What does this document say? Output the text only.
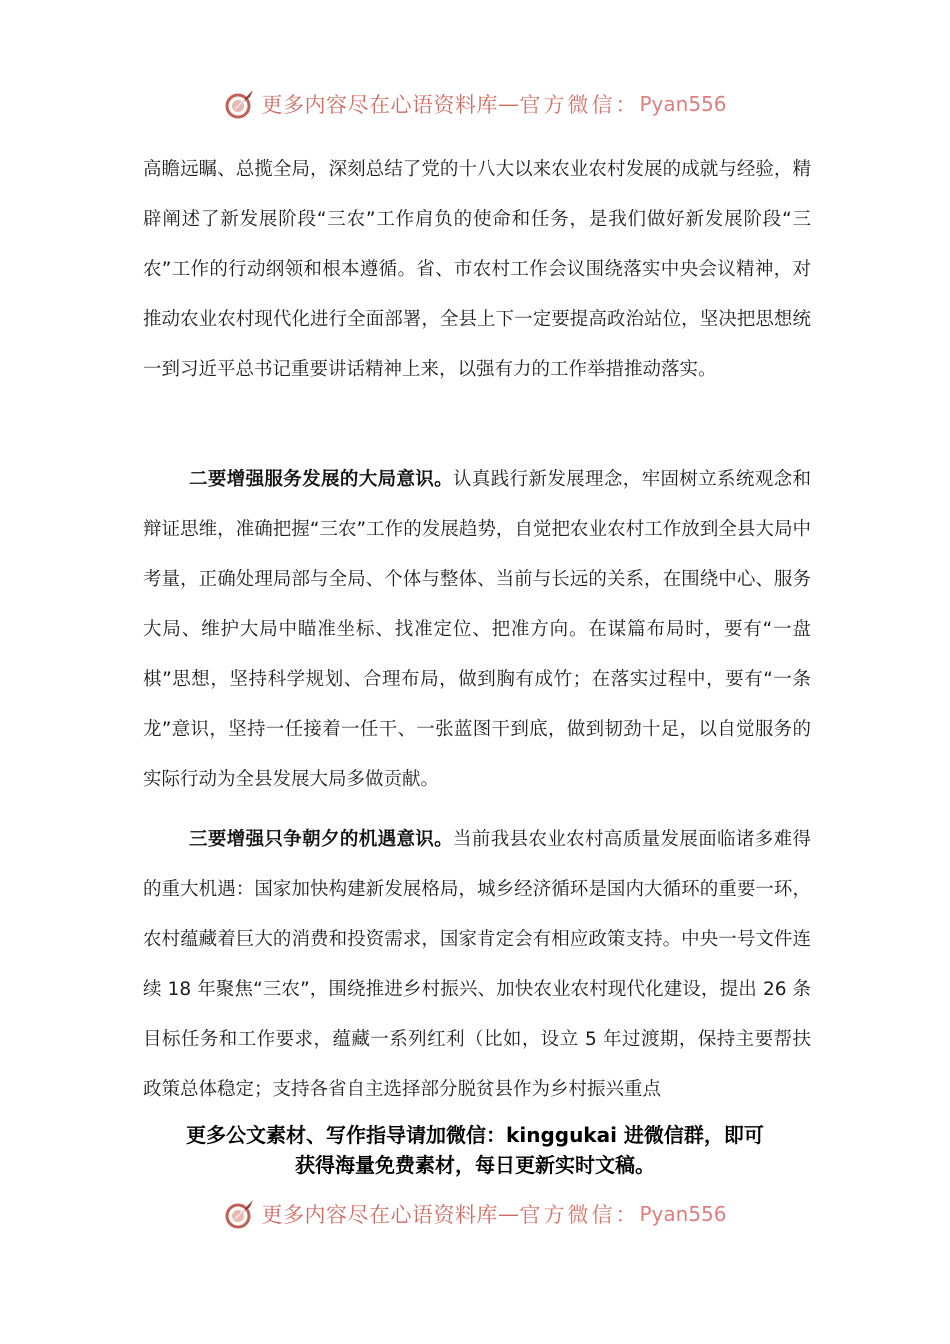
更多内容尽在心语资料库 — 官方微信： Pyan556

高瞻远瞩、总揽全局，深刻总结了党的十八大以来农业农村发展的成就与经验，精辟阐述了新发展阶段“三农”工作肩负的使命和任务，是我们做好新发展阶段“三农”工作的行动纲领和根本遵循。省、市农村工作会议围绕落实中央会议精神，对推动农业农村现代化进行全面部署，全县上下一定要提高政治站位，坚决把思想统一到习近平总书记重要讲话精神上来，以强有力的工作举措推动落实。

二要增强服务发展的大局意识。认真践行新发展理念，牢固树立系统观念和辩证思维，准确把握“三农”工作的发展趋势，自觉把农业农村工作放到全县大局中考量，正确处理局部与全局、个体与整体、当前与长远的关系，在围绕中心、服务大局、维护大局中瞄准坐标、找准定位、把准方向。在谋篇布局时，要有“一盘棋”思想，坚持科学规划、合理布局，做到胸有成竹；在落实过程中，要有“一条龙”意识，坚持一任接着一任干、一张蓝图干到底，做到韧劲十足，以自觉服务的实际行动为全县发展大局多做贡献。

三要增强只争朝夕的机遇意识。当前我县农业农村高质量发展面临诸多难得的重大机遇：国家加快构建新发展格局，城乡经济循环是国内大循环的重要一环，农村蕴藏着巨大的消费和投资需求，国家肯定会有相应政策支持。中央一号文件连续 18 年聚焦“三农”，围绕推进乡村振兴、加快农业农村现代化建设，提出 26 条目标任务和工作要求，蕴藏一系列红利（比如，设立 5 年过渡期，保持主要帮扶政策总体稳定；支持各省自主选择部分脱贫县作为乡村振兴重点

更多公文素材、写作指导请加微信：kinggukai 进微信群，即可
获得海量免费素材，每日更新实时文稿。
更多内容尽在心语资料库 — 官方微信： Pyan556
